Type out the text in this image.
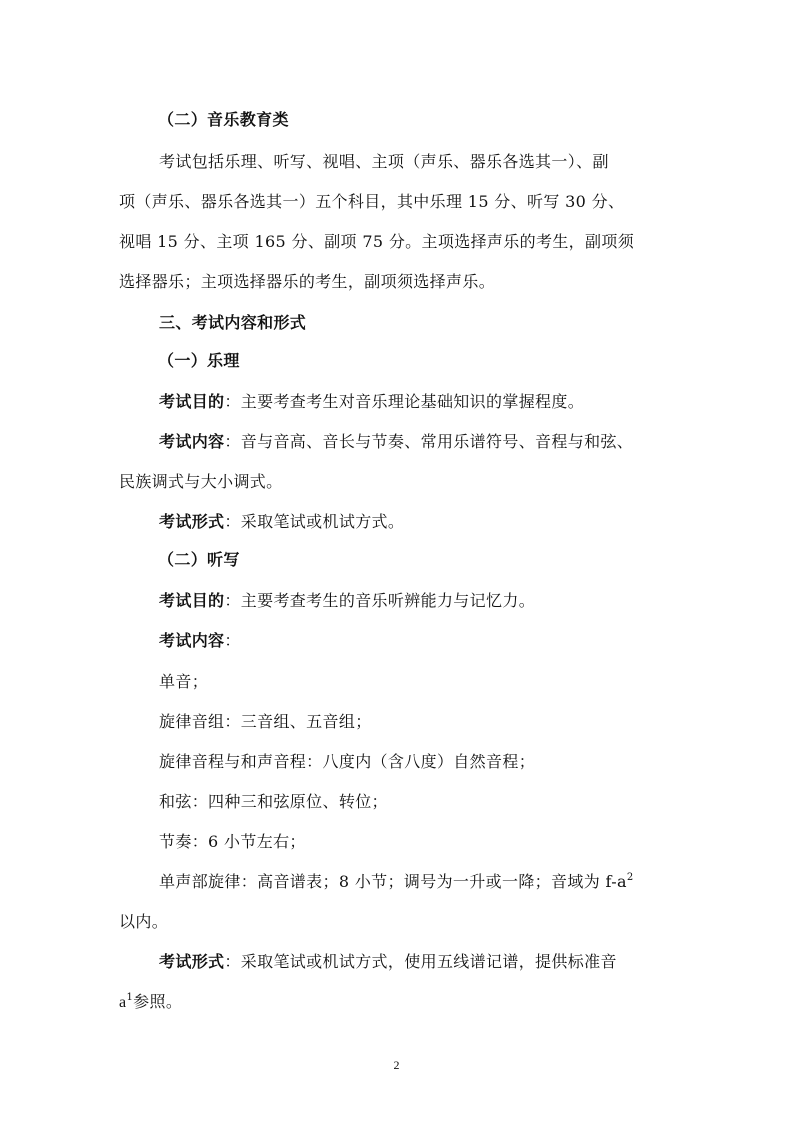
（二）音乐教育类
考试包括乐理、听写、视唱、主项（声乐、器乐各选其一）、副
项（声乐、器乐各选其一）五个科目，其中乐理 15 分、听写 30 分、
视唱 15 分、主项 165 分、副项 75 分。主项选择声乐的考生，副项须
选择器乐；主项选择器乐的考生，副项须选择声乐。
三、考试内容和形式
（一）乐理
考试目的：主要考查考生对音乐理论基础知识的掌握程度。
考试内容：音与音高、音长与节奏、常用乐谱符号、音程与和弦、
民族调式与大小调式。
考试形式：采取笔试或机试方式。
（二）听写
考试目的：主要考查考生的音乐听辨能力与记忆力。
考试内容：
单音；
旋律音组：三音组、五音组；
旋律音程与和声音程：八度内（含八度）自然音程；
和弦：四种三和弦原位、转位；
节奏：6 小节左右；
单声部旋律：高音谱表；8 小节；调号为一升或一降；音域为 $f-a^2$
以内。
考试形式：采取笔试或机试方式，使用五线谱记谱，提供标准音
$a^1$参照。
2
